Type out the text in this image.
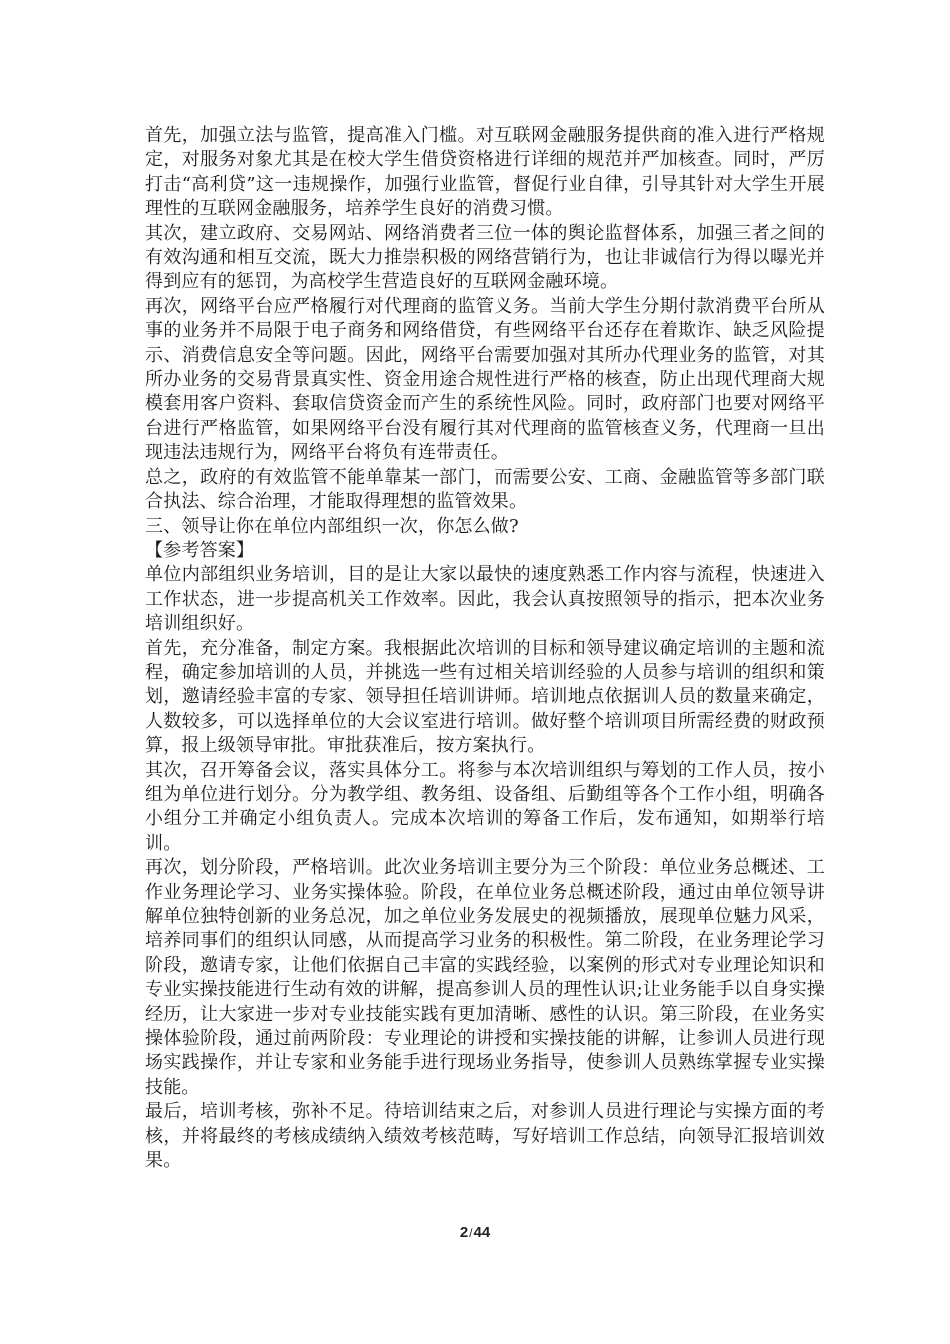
首先，加强立法与监管，提高准入门槛。对互联网金融服务提供商的准入进行严格规定，对服务对象尤其是在校大学生借贷资格进行详细的规范并严加核查。同时，严厉打击“高利贷”这一违规操作，加强行业监管，督促行业自律，引导其针对大学生开展理性的互联网金融服务，培养学生良好的消费习惯。

其次，建立政府、交易网站、网络消费者三位一体的舆论监督体系，加强三者之间的有效沟通和相互交流，既大力推崇积极的网络营销行为，也让非诚信行为得以曝光并得到应有的惩罚，为高校学生营造良好的互联网金融环境。

再次，网络平台应严格履行对代理商的监管义务。当前大学生分期付款消费平台所从事的业务并不局限于电子商务和网络借贷，有些网络平台还存在着欺诈、缺乏风险提示、消费信息安全等问题。因此，网络平台需要加强对其所办代理业务的监管，对其所办业务的交易背景真实性、资金用途合规性进行严格的核查，防止出现代理商大规模套用客户资料、套取信贷资金而产生的系统性风险。同时，政府部门也要对网络平台进行严格监管，如果网络平台没有履行其对代理商的监管核查义务，代理商一旦出现违法违规行为，网络平台将负有连带责任。

总之，政府的有效监管不能单靠某一部门，而需要公安、工商、金融监管等多部门联合执法、综合治理，才能取得理想的监管效果。

三、领导让你在单位内部组织一次，你怎么做?

【参考答案】

单位内部组织业务培训，目的是让大家以最快的速度熟悉工作内容与流程，快速进入工作状态，进一步提高机关工作效率。因此，我会认真按照领导的指示，把本次业务培训组织好。

首先，充分准备，制定方案。我根据此次培训的目标和领导建议确定培训的主题和流程，确定参加培训的人员，并挑选一些有过相关培训经验的人员参与培训的组织和策划，邀请经验丰富的专家、领导担任培训讲师。培训地点依据训人员的数量来确定，人数较多，可以选择单位的大会议室进行培训。做好整个培训项目所需经费的财政预算，报上级领导审批。审批获准后，按方案执行。

其次，召开筹备会议，落实具体分工。将参与本次培训组织与筹划的工作人员，按小组为单位进行划分。分为教学组、教务组、设备组、后勤组等各个工作小组，明确各小组分工并确定小组负责人。完成本次培训的筹备工作后，发布通知，如期举行培训。

再次，划分阶段，严格培训。此次业务培训主要分为三个阶段：单位业务总概述、工作业务理论学习、业务实操体验。阶段，在单位业务总概述阶段，通过由单位领导讲解单位独特创新的业务总况，加之单位业务发展史的视频播放，展现单位魅力风采，培养同事们的组织认同感，从而提高学习业务的积极性。第二阶段，在业务理论学习阶段，邀请专家，让他们依据自己丰富的实践经验，以案例的形式对专业理论知识和专业实操技能进行生动有效的讲解，提高参训人员的理性认识;让业务能手以自身实操经历，让大家进一步对专业技能实践有更加清晰、感性的认识。第三阶段，在业务实操体验阶段，通过前两阶段：专业理论的讲授和实操技能的讲解，让参训人员进行现场实践操作，并让专家和业务能手进行现场业务指导，使参训人员熟练掌握专业实操技能。

最后，培训考核，弥补不足。待培训结束之后，对参训人员进行理论与实操方面的考核，并将最终的考核成绩纳入绩效考核范畴，写好培训工作总结，向领导汇报培训效果。

2/44
